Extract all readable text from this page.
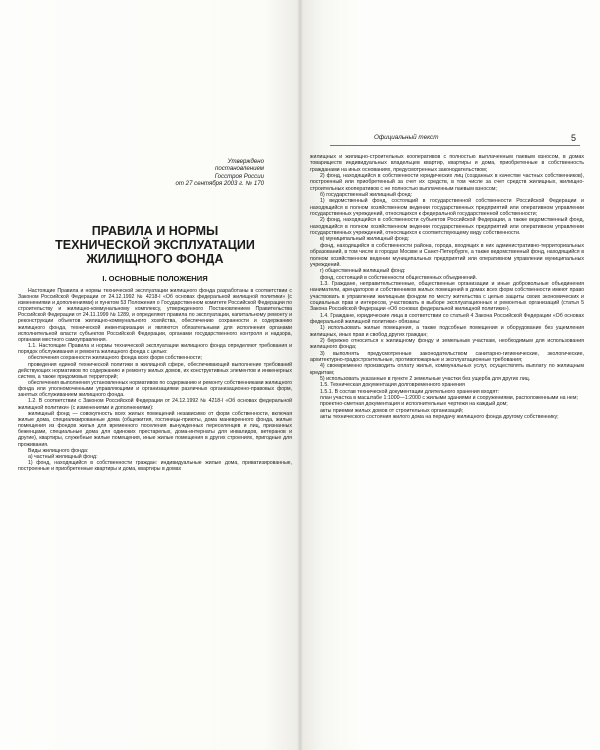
Утверждено
постановлением
Госстроя России
от 27 сентября 2003 г. № 170
ПРАВИЛА И НОРМЫ
ТЕХНИЧЕСКОЙ ЭКСПЛУАТАЦИИ
ЖИЛИЩНОГО ФОНДА
I. ОСНОВНЫЕ ПОЛОЖЕНИЯ

Настоящие Правила и нормы технической эксплуатации жилищного фонда разработаны в соответствии с Законом Российской Федерации от 24.12.1992 № 4218-I «Об основах федеральной жилищной политики» (с изменениями и дополнениями) и пунктом 53 Положения о Государственном комитете Российской Федерации по строительству и жилищно-коммунальному комплексу, утвержденного Постановлением Правительства Российской Федерации от 24.11.1999 № 1289, и определяют правила по эксплуатации, капитальному ремонту и реконструкции объектов жилищно-коммунального хозяйства, обеспечению сохранности и содержанию жилищного фонда, технической инвентаризации и являются обязательными для исполнения органами исполнительной власти субъектов Российской Федерации, органами государственного контроля и надзора, органами местного самоуправления.

1.1. Настоящие Правила и нормы технической эксплуатации жилищного фонда определяют требования и порядок обслуживания и ремонта жилищного фонда с целью:

обеспечения сохранности жилищного фонда всех форм собственности;

проведения единой технической политики в жилищной сфере, обеспечивающей выполнение требований действующих нормативов по содержанию и ремонту жилых домов, их конструктивных элементов и инженерных систем, а также придомовых территорий;

обеспечения выполнения установленных нормативов по содержанию и ремонту собственниками жилищного фонда или уполномоченными управляющими и организациями различных организационно-правовых форм, занятых обслуживанием жилищного фонда.

1.2. В соответствии с Законом Российской Федерации от 24.12.1992 № 4218-I «Об основах федеральной жилищной политики» (с изменениями и дополнениями):

жилищный фонд — совокупность всех жилых помещений независимо от форм собственности, включая жилые дома, специализированные дома (общежития, гостиницы-приюты, дома маневренного фонда, жилые помещения из фондов жилья для временного поселения вынужденных переселенцев и лиц, признанных беженцами, специальные дома для одиноких престарелых, дома-интернаты для инвалидов, ветеранов и другие), квартиры, служебные жилые помещения, иные жилые помещения в других строениях, пригодные для проживания.

Виды жилищного фонда:

а) частный жилищный фонд:

1) фонд, находящийся в собственности граждан: индивидуальные жилые дома, приватизированные, построенные и приобретенные квартиры и дома, квартиры в домах

жилищных и жилищно-строительных кооперативов с полностью выплаченным паевым взносом, в домах товариществ индивидуальных владельцев квартир, квартиры и дома, приобретенные в собственность гражданами на иных основаниях, предусмотренных законодательством;

2) фонд, находящийся в собственности юридических лиц (созданных в качестве частных собственников), построенный или приобретенный за счет их средств, в том числе за счет средств жилищных, жилищно-строительных кооперативов с не полностью выплаченным паевым взносом;

б) государственный жилищный фонд:

1) ведомственный фонд, состоящий в государственной собственности Российской Федерации и находящийся в полном хозяйственном ведении государственных предприятий или оперативном управлении государственных учреждений, относящихся к федеральной государственной собственности;

2) фонд, находящийся в собственности субъектов Российской Федерации, а также ведомственный фонд, находящийся в полном хозяйственном ведении государственных предприятий или оперативном управлении государственных учреждений, относящихся к соответствующему виду собственности.

в) муниципальный жилищный фонд:

фонд, находящийся в собственности района, города, входящих в них административно-территориальных образований, в том числе в городах Москве и Санкт-Петербурге, а также ведомственный фонд, находящийся в полном хозяйственном ведении муниципальных предприятий или оперативном управлении муниципальных учреждений.

г) общественный жилищный фонд:

фонд, состоящий в собственности общественных объединений.

1.3. Граждане, неправительственные, общественные организации и иные добровольные объединения наниматели, арендаторов и собственников жилых помещений в домах всех форм собственности имеют право участвовать в управлении жилищным фондом по месту жительства с целью защиты своих экономических и социальных прав и интересов, участвовать в выборе эксплуатационных и ремонтных организаций (статья 5 Закона Российской Федерации «Об основах федеральной жилищной политики»).

1.4. Граждане, юридические лица в соответствии со статьей 4 Закона Российской Федерации «Об основах федеральной жилищной политики» обязаны:

1) использовать жилые помещения, а также подсобные помещения и оборудование без ущемления жилищных, иных прав и свобод других граждан;

2) бережно относиться к жилищному фонду и земельным участкам, необходимым для использования жилищного фонда;

3) выполнять предусмотренные законодательством санитарно-гигиенические, экологические, архитектурно-градостроительные, противопожарные и эксплуатационные требования;

4) своевременно производить оплату жилья, коммунальных услуг, осуществлять выплату по жилищным кредитам;

5) использовать указанные в пункте 2 земельные участки без ущерба для других лиц.

1.5. Техническая документация долговременного хранения

1.5.1. В состав технической документации длительного хранения входят:

план участка в масштабе 1:1000—1:2000 с жилыми зданиями и сооружениями, расположенными на нем;

проектно-сметная документация и исполнительные чертежи на каждый дом;

акты приемки жилых домов от строительных организаций;

акты технического состояния жилого дома на передачу жилищного фонда другому собственнику;

Официальный текст	5
